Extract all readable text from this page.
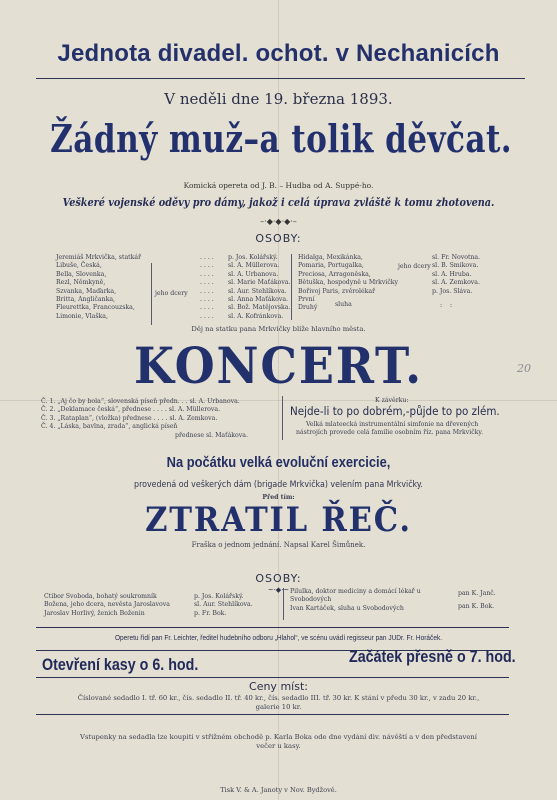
Jednota divadel. ochot. v Nechanicích
V neděli dne 19. března 1893.
Žádný muž–a tolik děvčat.
Komická opereta od J. B. – Hudba od A. Suppé-ho.
Veškeré vojenské oděvy pro dámy, jakož i celá úprava zvláště k tomu zhotovena.
–·◆·◆·◆·–
OSOBY:
Jeremiáš Mrkvička, statkář
Libuše, Česká,
Bella, Slovenka,
Rezl, Němkyně,
Szvanka, Maďarka,
Britta, Angličanka,
Fleurettka, Francouzska,
Limonie, Vlaška,
jeho dcery
. . . .
. . . .
. . . .
. . . .
. . . .
. . . .
. . . .
. . . .
p. Jos. Kolářský.
sl. A. Müllerova.
sl. A. Urbanova.
sl. Marie Maťákova.
sl. Aur. Stehlíkova.
sl. Anna Maťákova.
sl. Bož. Matějovska.
sl. A. Kofránkova.
Hidalga, Mexikánka,
Pomaria, Portugalka,
Preciosa, Arragoněska,
Bětuška, hospodyně u Mrkvičky
Bořivoj Paris, zvěrolékař
První
Druhý
jeho dcery
sluha
sl. Fr. Novotna.
sl. B. Smikova.
sl. A. Hruba.
sl. A. Zemkova.
p. Jos. Sláva.
: :
Děj na statku pana Mrkvičky blíže hlavního města.
KONCERT.	20
Č. 1. „Aj čo by bola“, slovenská píseň předn. . . sl. A. Urbanova.
Č. 2. „Deklamace česká“, přednese . . . . sl. A. Müllerova.
Č. 3. „Rataplan“, (vložka) přednese . . . . sl. A. Zemkova.
Č. 4. „Láska, bavlna, zrada“, anglická píseň
přednese sl. Maťákova.
K závěrku:
Nejde-li to po dobrém,-půjde to po zlém.
Velká mlateecká instrumentální simfonie na dřevených
nástrojích provede celá familie osobním říz. pana Mrkvičky.
Na počátku velká evoluční exercicie,
provedená od veškerých dám (brigade Mrkvička) velením pana Mrkvičky.
Před tím:
ZTRATIL ŘEČ.
Fraška o jednom jednání. Napsal Karel Šimůnek.
OSOBY:
~·◆·~
Ctibor Svoboda, bohatý soukromník
Božena, jeho dcera, nevěsta Jaroslavova
Jaroslav Horlivý, ženich Boženin
p. Jos. Kolářský.
sl. Aur. Stehlíkova.
p. Fr. Bok.
Pilulka, doktor mediciny a domácí lékař u Svobodových
Ivan Kartáček, sluha u Svobodových
pan K. Janč.
pan K. Bok.
Operetu řídí pan Fr. Leichter, ředitel hudebního odboru „Hlahol“, ve scénu uvádí regisseur pan JUDr. Fr. Horáček.
Otevření kasy o 6. hod.	Začátek přesně o 7. hod.
Ceny míst:
Číslované sedadlo I. tř. 60 kr., čís. sedadlo II. tř. 40 kr., čís. sedadlo III. tř. 30 kr. K stání v předu 30 kr., v zadu 20 kr.,
galerie 10 kr.
Vstupenky na sedadla lze koupiti v střižném obchodě p. Karla Boka ode dne vydání div. návěští a v den představení
večer u kasy.
Tisk V. & A. Janoty v Nov. Bydžově.
